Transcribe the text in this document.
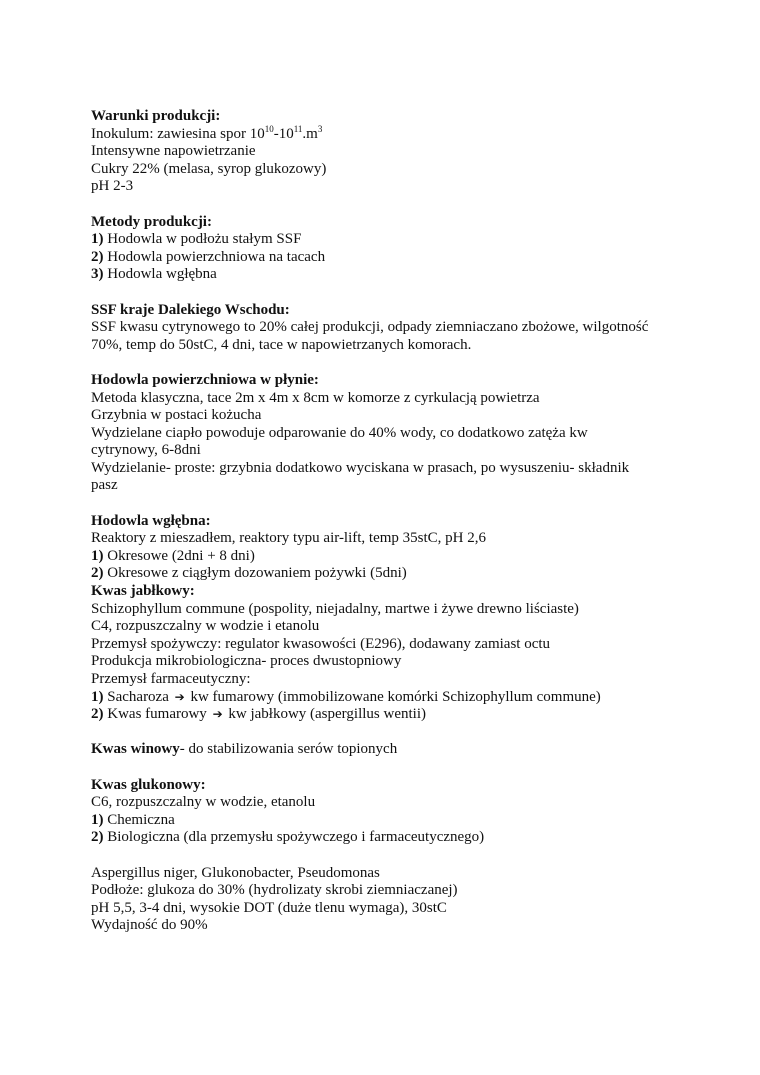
Warunki produkcji:
Inokulum: zawiesina spor $10^{10}-10^{11}.m^3$
Intensywne napowietrzanie
Cukry 22% (melasa, syrop glukozowy)
pH 2-3
Metody produkcji:
1) Hodowla w podłożu stałym SSF
2) Hodowla powierzchniowa na tacach
3) Hodowla wgłębna
SSF kraje Dalekiego Wschodu:
SSF kwasu cytrynowego to 20% całej produkcji, odpady ziemniaczano zbożowe, wilgotność
70%, temp do 50stC, 4 dni, tace w napowietrzanych komorach.
Hodowla powierzchniowa w płynie:
Metoda klasyczna, tace 2m x 4m x 8cm w komorze z cyrkulacją powietrza
Grzybnia w postaci kożucha
Wydzielane ciapło powoduje odparowanie do 40% wody, co dodatkowo zatęża kw
cytrynowy, 6-8dni
Wydzielanie- proste: grzybnia dodatkowo wyciskana w prasach, po wysuszeniu- składnik
pasz
Hodowla wgłębna:
Reaktory z mieszadłem, reaktory typu air-lift, temp 35stC, pH 2,6
1) Okresowe (2dni + 8 dni)
2) Okresowe z ciągłym dozowaniem pożywki (5dni)
Kwas jabłkowy:
Schizophyllum commune (pospolity, niejadalny, martwe i żywe drewno liściaste)
C4, rozpuszczalny w wodzie i etanolu
Przemysł spożywczy: regulator kwasowości (E296), dodawany zamiast octu
Produkcja mikrobiologiczna- proces dwustopniowy
Przemysł farmaceutyczny:
1) Sacharoza ➔ kw fumarowy (immobilizowane komórki Schizophyllum commune)
2) Kwas fumarowy ➔ kw jabłkowy (aspergillus wentii)
Kwas winowy- do stabilizowania serów topionych
Kwas glukonowy:
C6, rozpuszczalny w wodzie, etanolu
1) Chemiczna
2) Biologiczna (dla przemysłu spożywczego i farmaceutycznego)
Aspergillus niger, Glukonobacter, Pseudomonas
Podłoże: glukoza do 30% (hydrolizaty skrobi ziemniaczanej)
pH 5,5, 3-4 dni, wysokie DOT (duże tlenu wymaga), 30stC
Wydajność do 90%
